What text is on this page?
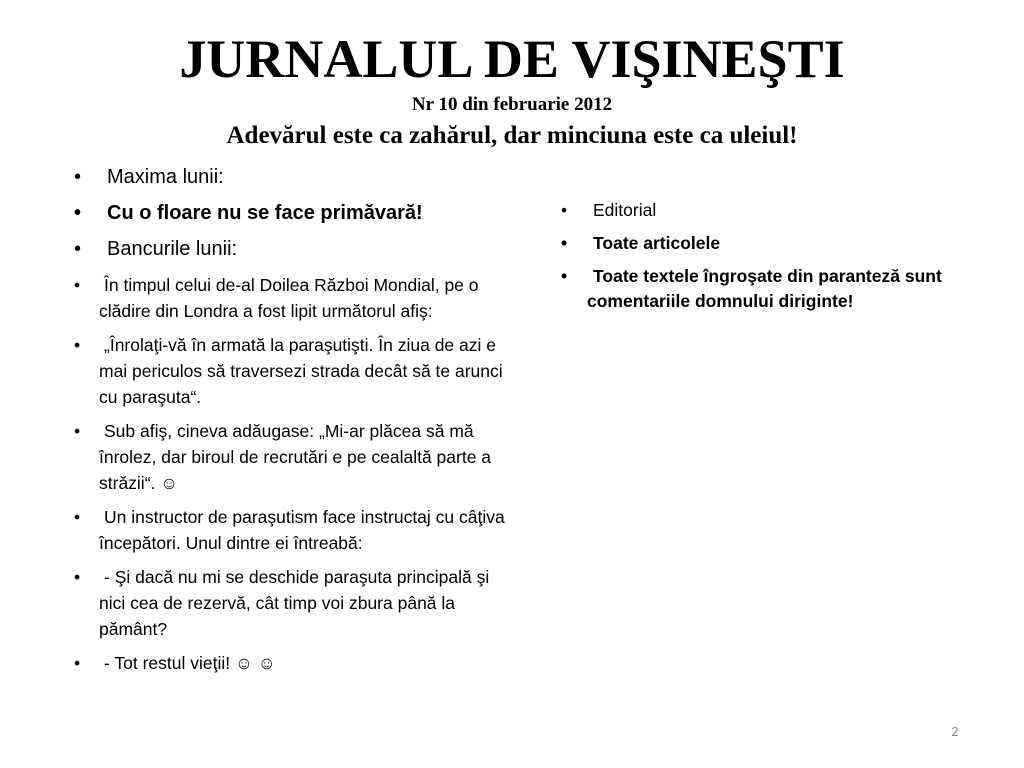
JURNALUL DE VIŞINEŞTI
Nr 10 din februarie 2012
Adevărul este ca zahărul, dar minciuna este ca uleiul!
• Maxima lunii:
• Cu o floare nu se face primăvară!
• Bancurile lunii:
• În timpul celui de-al Doilea Război Mondial, pe o clădire din Londra a fost lipit următorul afiş:
• „Înrolaţi-vă în armată la paraşutişti. În ziua de azi e mai periculos să traversezi strada decât să te arunci cu paraşuta“.
• Sub afiş, cineva adăugase: „Mi-ar plăcea să mă înrolez, dar biroul de recrutări e pe cealaltă parte a străzii“. ☺
• Un instructor de paraşutism face instructaj cu câţiva începători. Unul dintre ei întreabă:
• - Şi dacă nu mi se deschide paraşuta principală şi nici cea de rezervă, cât timp voi zbura până la pământ?
• - Tot restul vieţii! ☺ ☺
• Editorial
• Toate articolele
• Toate textele îngroşate din paranteză sunt comentariile domnului diriginte!
2
